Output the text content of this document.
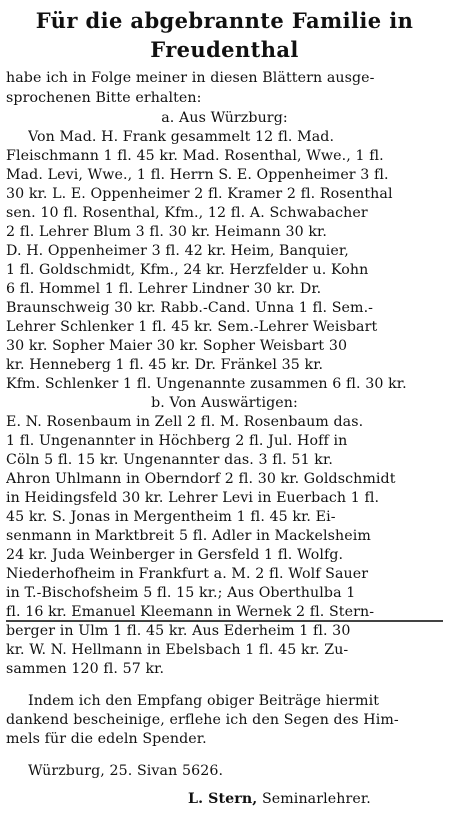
Für die abgebrannte Familie in
Freudenthal
habe ich in Folge meiner in diesen Blättern ausge-
sprochenen Bitte erhalten:
a. Aus Würzburg:
Von Mad. H. Frank gesammelt 12 fl. Mad.
Fleischmann 1 fl. 45 kr. Mad. Rosenthal, Wwe., 1 fl.
Mad. Levi, Wwe., 1 fl. Herrn S. E. Oppenheimer 3 fl.
30 kr. L. E. Oppenheimer 2 fl. Kramer 2 fl. Rosenthal
sen. 10 fl. Rosenthal, Kfm., 12 fl. A. Schwabacher
2 fl. Lehrer Blum 3 fl. 30 kr. Heimann 30 kr.
D. H. Oppenheimer 3 fl. 42 kr. Heim, Banquier,
1 fl. Goldschmidt, Kfm., 24 kr. Herzfelder u. Kohn
6 fl. Hommel 1 fl. Lehrer Lindner 30 kr. Dr.
Braunschweig 30 kr. Rabb.-Cand. Unna 1 fl. Sem.-
Lehrer Schlenker 1 fl. 45 kr. Sem.-Lehrer Weisbart
30 kr. Sopher Maier 30 kr. Sopher Weisbart 30
kr. Henneberg 1 fl. 45 kr. Dr. Fränkel 35 kr.
Kfm. Schlenker 1 fl. Ungenannte zusammen 6 fl. 30 kr.
b. Von Auswärtigen:
E. N. Rosenbaum in Zell 2 fl. M. Rosenbaum das.
1 fl. Ungenannter in Höchberg 2 fl. Jul. Hoff in
Cöln 5 fl. 15 kr. Ungenannter das. 3 fl. 51 kr.
Ahron Uhlmann in Oberndorf 2 fl. 30 kr. Goldschmidt
in Heidingsfeld 30 kr. Lehrer Levi in Euerbach 1 fl.
45 kr. S. Jonas in Mergentheim 1 fl. 45 kr. Ei-
senmann in Marktbreit 5 fl. Adler in Mackelsheim
24 kr. Juda Weinberger in Gersfeld 1 fl. Wolfg.
Niederhofheim in Frankfurt a. M. 2 fl. Wolf Sauer
in T.-Bischofsheim 5 fl. 15 kr.; Aus Oberthulba 1
fl. 16 kr. Emanuel Kleemann in Wernek 2 fl. Stern-
berger in Ulm 1 fl. 45 kr. Aus Ederheim 1 fl. 30
kr. W. N. Hellmann in Ebelsbach 1 fl. 45 kr. Zu-
sammen 120 fl. 57 kr.
Indem ich den Empfang obiger Beiträge hiermit
dankend bescheinige, erflehe ich den Segen des Him-
mels für die edeln Spender.
Würzburg, 25. Sivan 5626.
L. Stern, Seminarlehrer.
